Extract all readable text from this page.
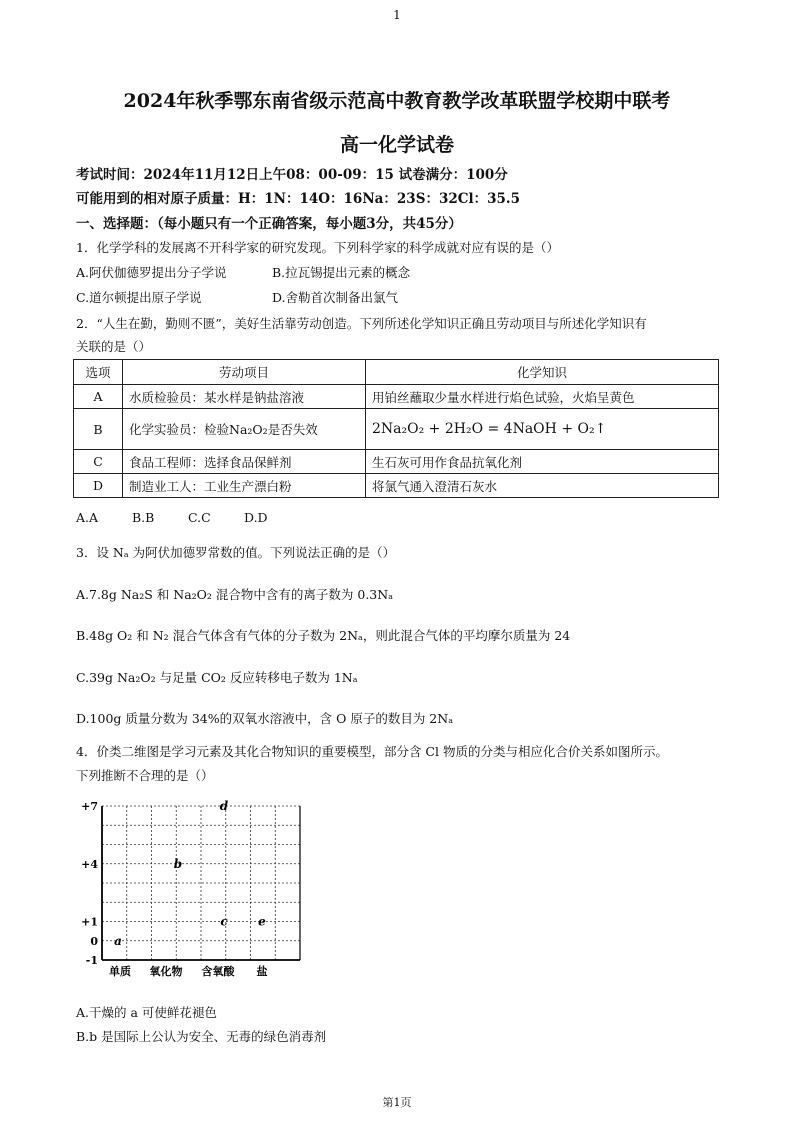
1
2024年秋季鄂东南省级示范高中教育教学改革联盟学校期中联考
高一化学试卷
考试时间：2024年11月12日上午08：00-09：15 试卷满分：100分
可能用到的相对原子质量：H：1N：14O：16Na：23S：32Cl：35.5
一、选择题：（每小题只有一个正确答案，每小题3分，共45分）
1．化学学科的发展离不开科学家的研究发现。下列科学家的科学成就对应有误的是（）
A.阿伏伽德罗提出分子学说	B.拉瓦锡提出元素的概念
C.道尔顿提出原子学说	D.舍勒首次制备出氯气
2．“人生在勤，勤则不匮”，美好生活靠劳动创造。下列所述化学知识正确且劳动项目与所述化学知识有
关联的是（）
选项	劳动项目	化学知识
A	水质检验员：某水样是钠盐溶液	用铂丝蘸取少量水样进行焰色试验，火焰呈黄色
B	化学实验员：检验Na₂O₂是否失效	2Na₂O₂ + 2H₂O = 4NaOH + O₂↑
C	食品工程师：选择食品保鲜剂	生石灰可用作食品抗氧化剂
D	制造业工人：工业生产漂白粉	将氯气通入澄清石灰水
A.A	B.B	C.C	D.D
3．设 Nₐ 为阿伏加德罗常数的值。下列说法正确的是（）
A.7.8g Na₂S 和 Na₂O₂ 混合物中含有的离子数为 0.3Nₐ
B.48g O₂ 和 N₂ 混合气体含有气体的分子数为 2Nₐ，则此混合气体的平均摩尔质量为 24
C.39g Na₂O₂ 与足量 CO₂ 反应转移电子数为 1Nₐ
D.100g 质量分数为 34%的双氧水溶液中，含 O 原子的数目为 2Nₐ
4．价类二维图是学习元素及其化合物知识的重要模型，部分含 Cl 物质的分类与相应化合价关系如图所示。
下列推断不合理的是（）
+7
+4
+1
0
-1
单质 氧化物 含氧酸 盐
a
b
c
d
e
A.干燥的 a 可使鲜花褪色
B.b 是国际上公认为安全、无毒的绿色消毒剂
第1页
